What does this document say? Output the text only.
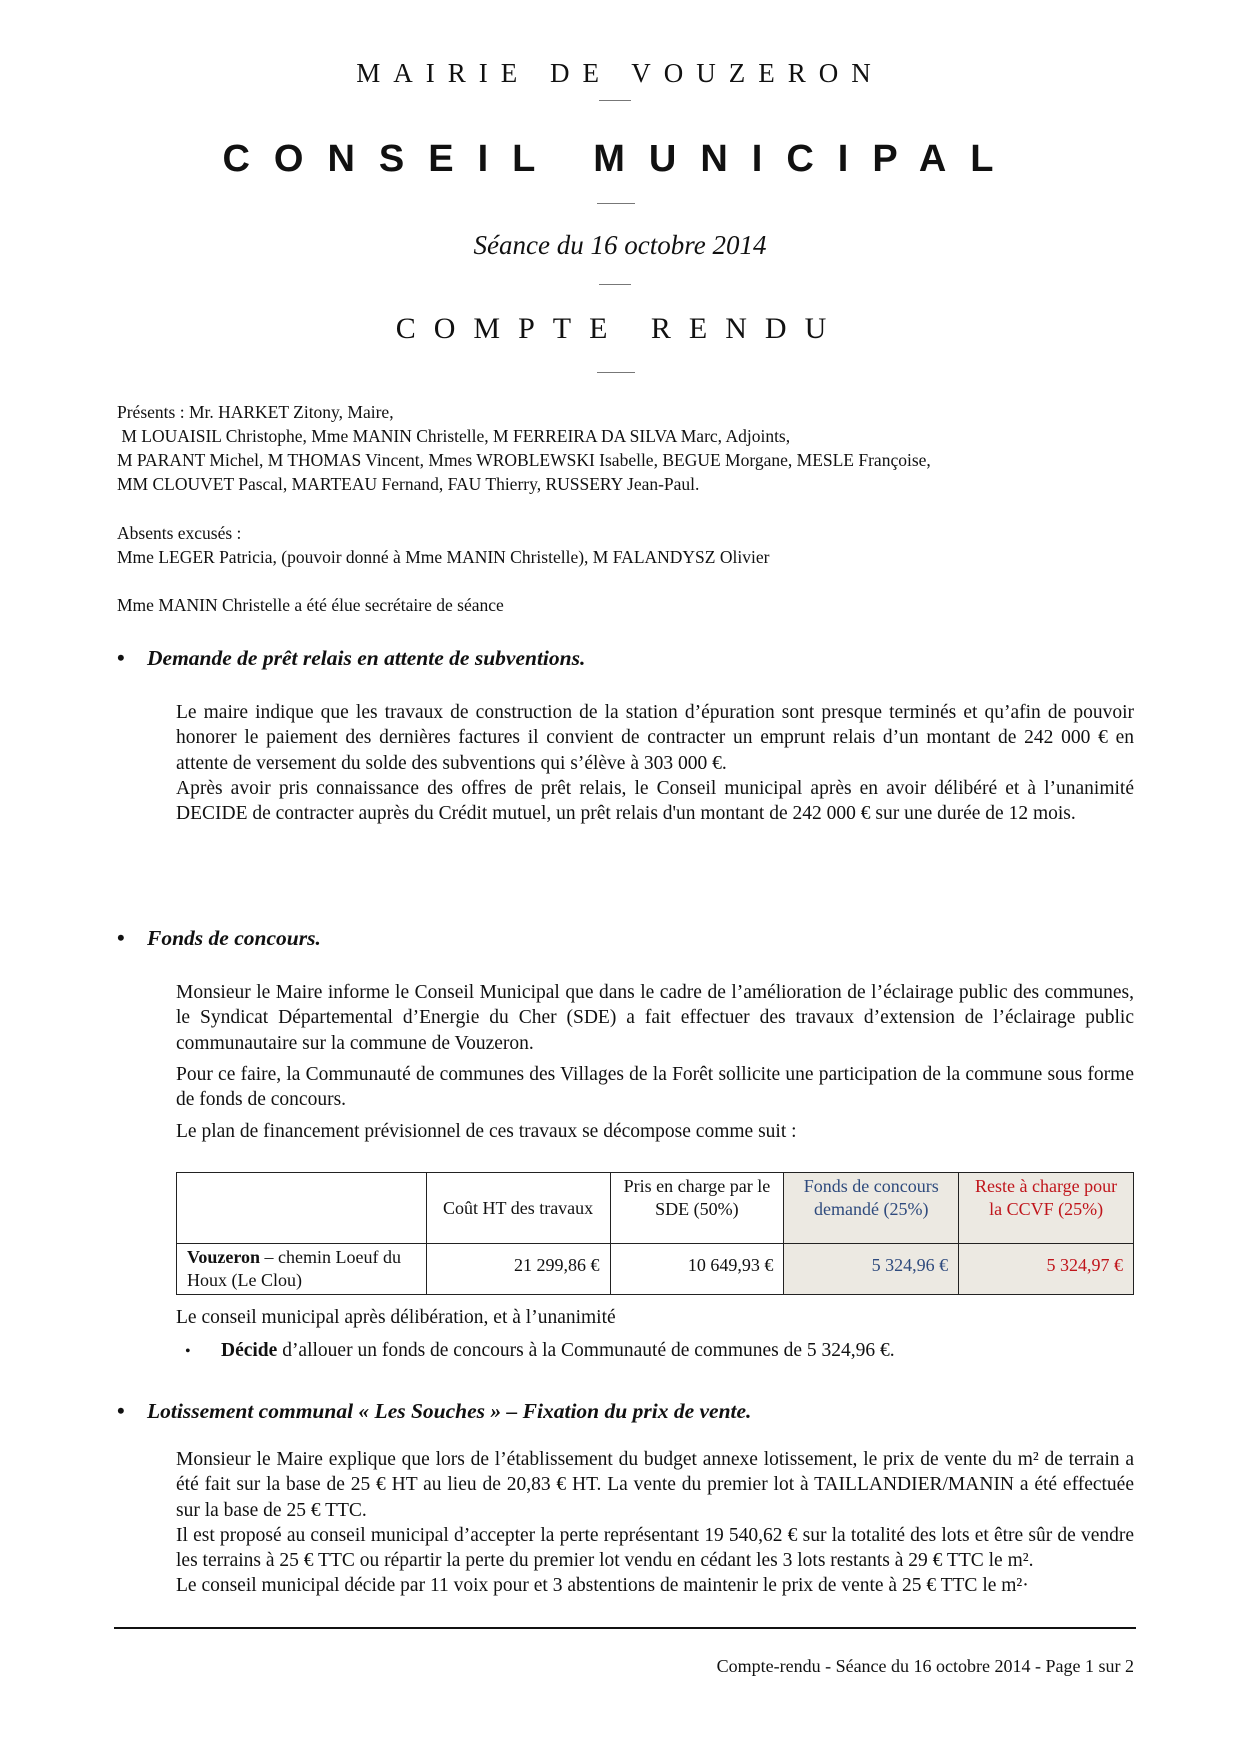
MAIRIE DE VOUZERON
CONSEIL MUNICIPAL
Séance du 16 octobre 2014
COMPTE RENDU
Présents : Mr. HARKET Zitony, Maire,
M LOUAISIL Christophe, Mme MANIN Christelle, M FERREIRA DA SILVA Marc, Adjoints,
M PARANT Michel, M THOMAS Vincent, Mmes WROBLEWSKI Isabelle, BEGUE Morgane, MESLE Françoise,
MM CLOUVET Pascal, MARTEAU Fernand, FAU Thierry, RUSSERY Jean-Paul.
Absents excusés :
Mme LEGER Patricia, (pouvoir donné à Mme MANIN Christelle), M FALANDYSZ Olivier
Mme MANIN Christelle a été élue secrétaire de séance
• Demande de prêt relais en attente de subventions.

Le maire indique que les travaux de construction de la station d’épuration sont presque terminés et qu’afin de pouvoir honorer le paiement des dernières factures il convient de contracter un emprunt relais d’un montant de 242 000 € en attente de versement du solde des subventions qui s’élève à 303 000 €.

Après avoir pris connaissance des offres de prêt relais, le Conseil municipal après en avoir délibéré et à l’unanimité DECIDE de contracter auprès du Crédit mutuel, un prêt relais d'un montant de 242 000 € sur une durée de 12 mois.

• Fonds de concours.

Monsieur le Maire informe le Conseil Municipal que dans le cadre de l’amélioration de l’éclairage public des communes, le Syndicat Départemental d’Energie du Cher (SDE) a fait effectuer des travaux d’extension de l’éclairage public communautaire sur la commune de Vouzeron.

Pour ce faire, la Communauté de communes des Villages de la Forêt sollicite une participation de la commune sous forme de fonds de concours.

Le plan de financement prévisionnel de ces travaux se décompose comme suit :

	Coût HT des travaux	Pris en charge par le SDE (50%)	Fonds de concours demandé (25%)	Reste à charge pour la CCVF (25%)
Vouzeron – chemin Loeuf du Houx (Le Clou)	21 299,86 €	10 649,93 €	5 324,96 €	5 324,97 €

Le conseil municipal après délibération, et à l’unanimité

• Décide d’allouer un fonds de concours à la Communauté de communes de 5 324,96 €.
• Lotissement communal « Les Souches » – Fixation du prix de vente.

Monsieur le Maire explique que lors de l’établissement du budget annexe lotissement, le prix de vente du m² de terrain a été fait sur la base de 25 € HT au lieu de 20,83 € HT. La vente du premier lot à TAILLANDIER/MANIN a été effectuée sur la base de 25 € TTC.

Il est proposé au conseil municipal d’accepter la perte représentant 19 540,62 € sur la totalité des lots et être sûr de vendre les terrains à 25 € TTC ou répartir la perte du premier lot vendu en cédant les 3 lots restants à 29 € TTC le m².

Le conseil municipal décide par 11 voix pour et 3 abstentions de maintenir le prix de vente à 25 € TTC le m²·

Compte-rendu - Séance du 16 octobre 2014 - Page 1 sur 2
